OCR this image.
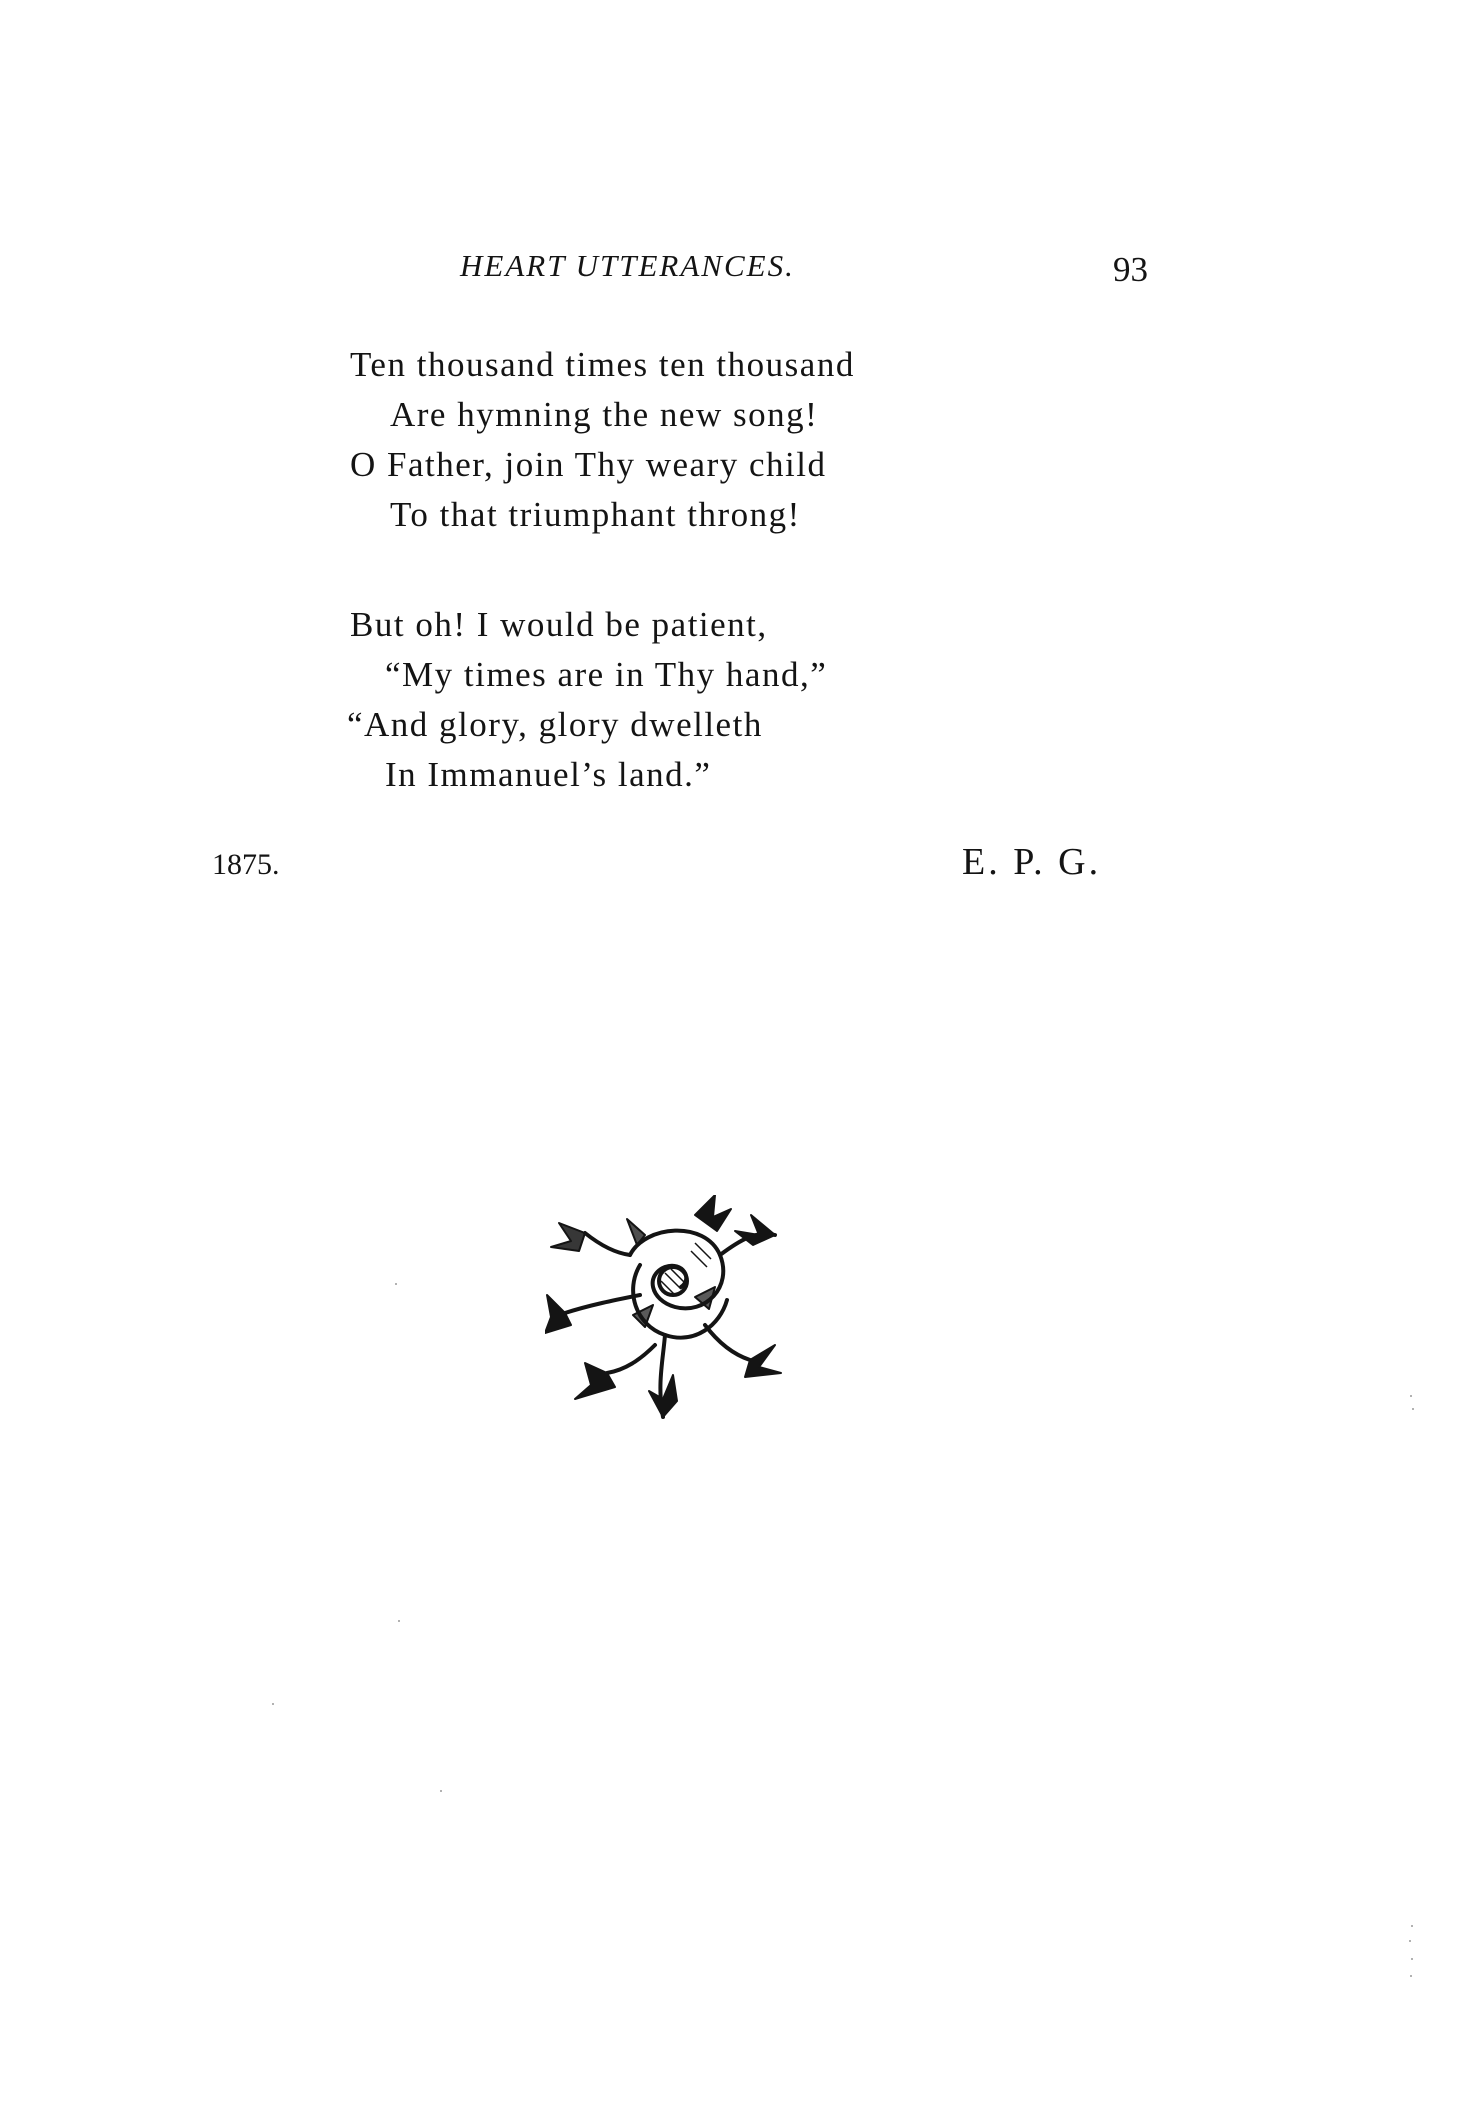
HEART UTTERANCES.	93
Ten thousand times ten thousand
Are hymning the new song!
O Father, join Thy weary child
To that triumphant throng!
But oh! I would be patient,
“My times are in Thy hand,”
“And glory, glory dwelleth
In Immanuel’s land.”
1875.	E. P. G.
